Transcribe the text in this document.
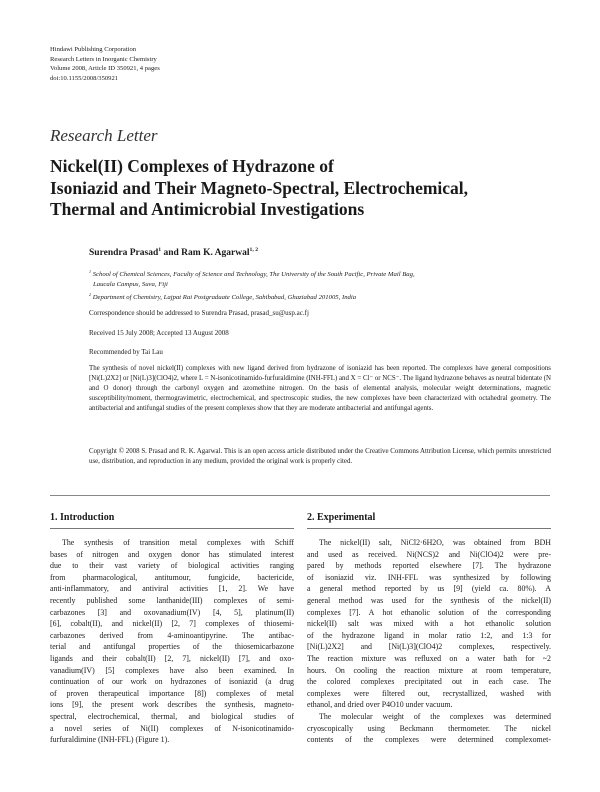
Hindawi Publishing Corporation
Research Letters in Inorganic Chemistry
Volume 2008, Article ID 350921, 4 pages
doi:10.1155/2008/350921
Research Letter
Nickel(II) Complexes of Hydrazone of
Isoniazid and Their Magneto-Spectral, Electrochemical,
Thermal and Antimicrobial Investigations
Surendra Prasad$^1$ and Ram K. Agarwal$^{1, 2}$
$^1$ School of Chemical Sciences, Faculty of Science and Technology, The University of the South Pacific, Private Mail Bag,
Laucala Campus, Suva, Fiji
$^2$ Department of Chemistry, Lajpat Rai Postgraduate College, Sahibabad, Ghaziabad 201005, India
Correspondence should be addressed to Surendra Prasad, prasad_su@usp.ac.fj
Received 15 July 2008; Accepted 13 August 2008
Recommended by Tai Lau
The synthesis of novel nickel(II) complexes with new ligand derived from hydrazone of isoniazid has been reported. The complexes have general compositions [Ni(L)2X2] or [Ni(L)3](ClO4)2, where L = N-isonicotinamido-furfuraldimine (INH-FFL) and X = Cl⁻ or NCS⁻. The ligand hydrazone behaves as neutral bidentate (N and O donor) through the carbonyl oxygen and azomethine nitrogen. On the basis of elemental analysis, molecular weight determinations, magnetic susceptibility/moment, thermogravimetric, electrochemical, and spectroscopic studies, the new complexes have been characterized with octahedral geometry. The antibacterial and antifungal studies of the present complexes show that they are moderate antibacterial and antifungal agents.
Copyright © 2008 S. Prasad and R. K. Agarwal. This is an open access article distributed under the Creative Commons Attribution License, which permits unrestricted use, distribution, and reproduction in any medium, provided the original work is properly cited.
1. Introduction
The synthesis of transition metal complexes with Schiff
bases of nitrogen and oxygen donor has stimulated interest
due to their vast variety of biological activities ranging
from pharmacological, antitumour, fungicide, bactericide,
anti-inflammatory, and antiviral activities [1, 2]. We have
recently published some lanthanide(III) complexes of semi-
carbazones [3] and oxovanadium(IV) [4, 5], platinum(II)
[6], cobalt(II), and nickel(II) [2, 7] complexes of thiosemi-
carbazones derived from 4-aminoantipyrine. The antibac-
terial and antifungal properties of the thiosemicarbazone
ligands and their cobalt(II) [2, 7], nickel(II) [7], and oxo-
vanadium(IV) [5] complexes have also been examined. In
continuation of our work on hydrazones of isoniazid (a drug
of proven therapeutical importance [8]) complexes of metal
ions [9], the present work describes the synthesis, magneto-
spectral, electrochemical, thermal, and biological studies of
a novel series of Ni(II) complexes of N-isonicotinamido-
furfuraldimine (INH-FFL) (Figure 1).
2. Experimental
The nickel(II) salt, NiCl2·6H2O, was obtained from BDH
and used as received. Ni(NCS)2 and Ni(ClO4)2 were pre-
pared by methods reported elsewhere [7]. The hydrazone
of isoniazid viz. INH-FFL was synthesized by following
a general method reported by us [9] (yield ca. 80%). A
general method was used for the synthesis of the nickel(II)
complexes [7]. A hot ethanolic solution of the corresponding
nickel(II) salt was mixed with a hot ethanolic solution
of the hydrazone ligand in molar ratio 1:2, and 1:3 for
[Ni(L)2X2] and [Ni(L)3](ClO4)2 complexes, respectively.
The reaction mixture was refluxed on a water bath for ~2
hours. On cooling the reaction mixture at room temperature,
the colored complexes precipitated out in each case. The
complexes were filtered out, recrystallized, washed with
ethanol, and dried over P4O10 under vacuum.
The molecular weight of the complexes was determined
cryoscopically using Beckmann thermometer. The nickel
contents of the complexes were determined complexomet-
